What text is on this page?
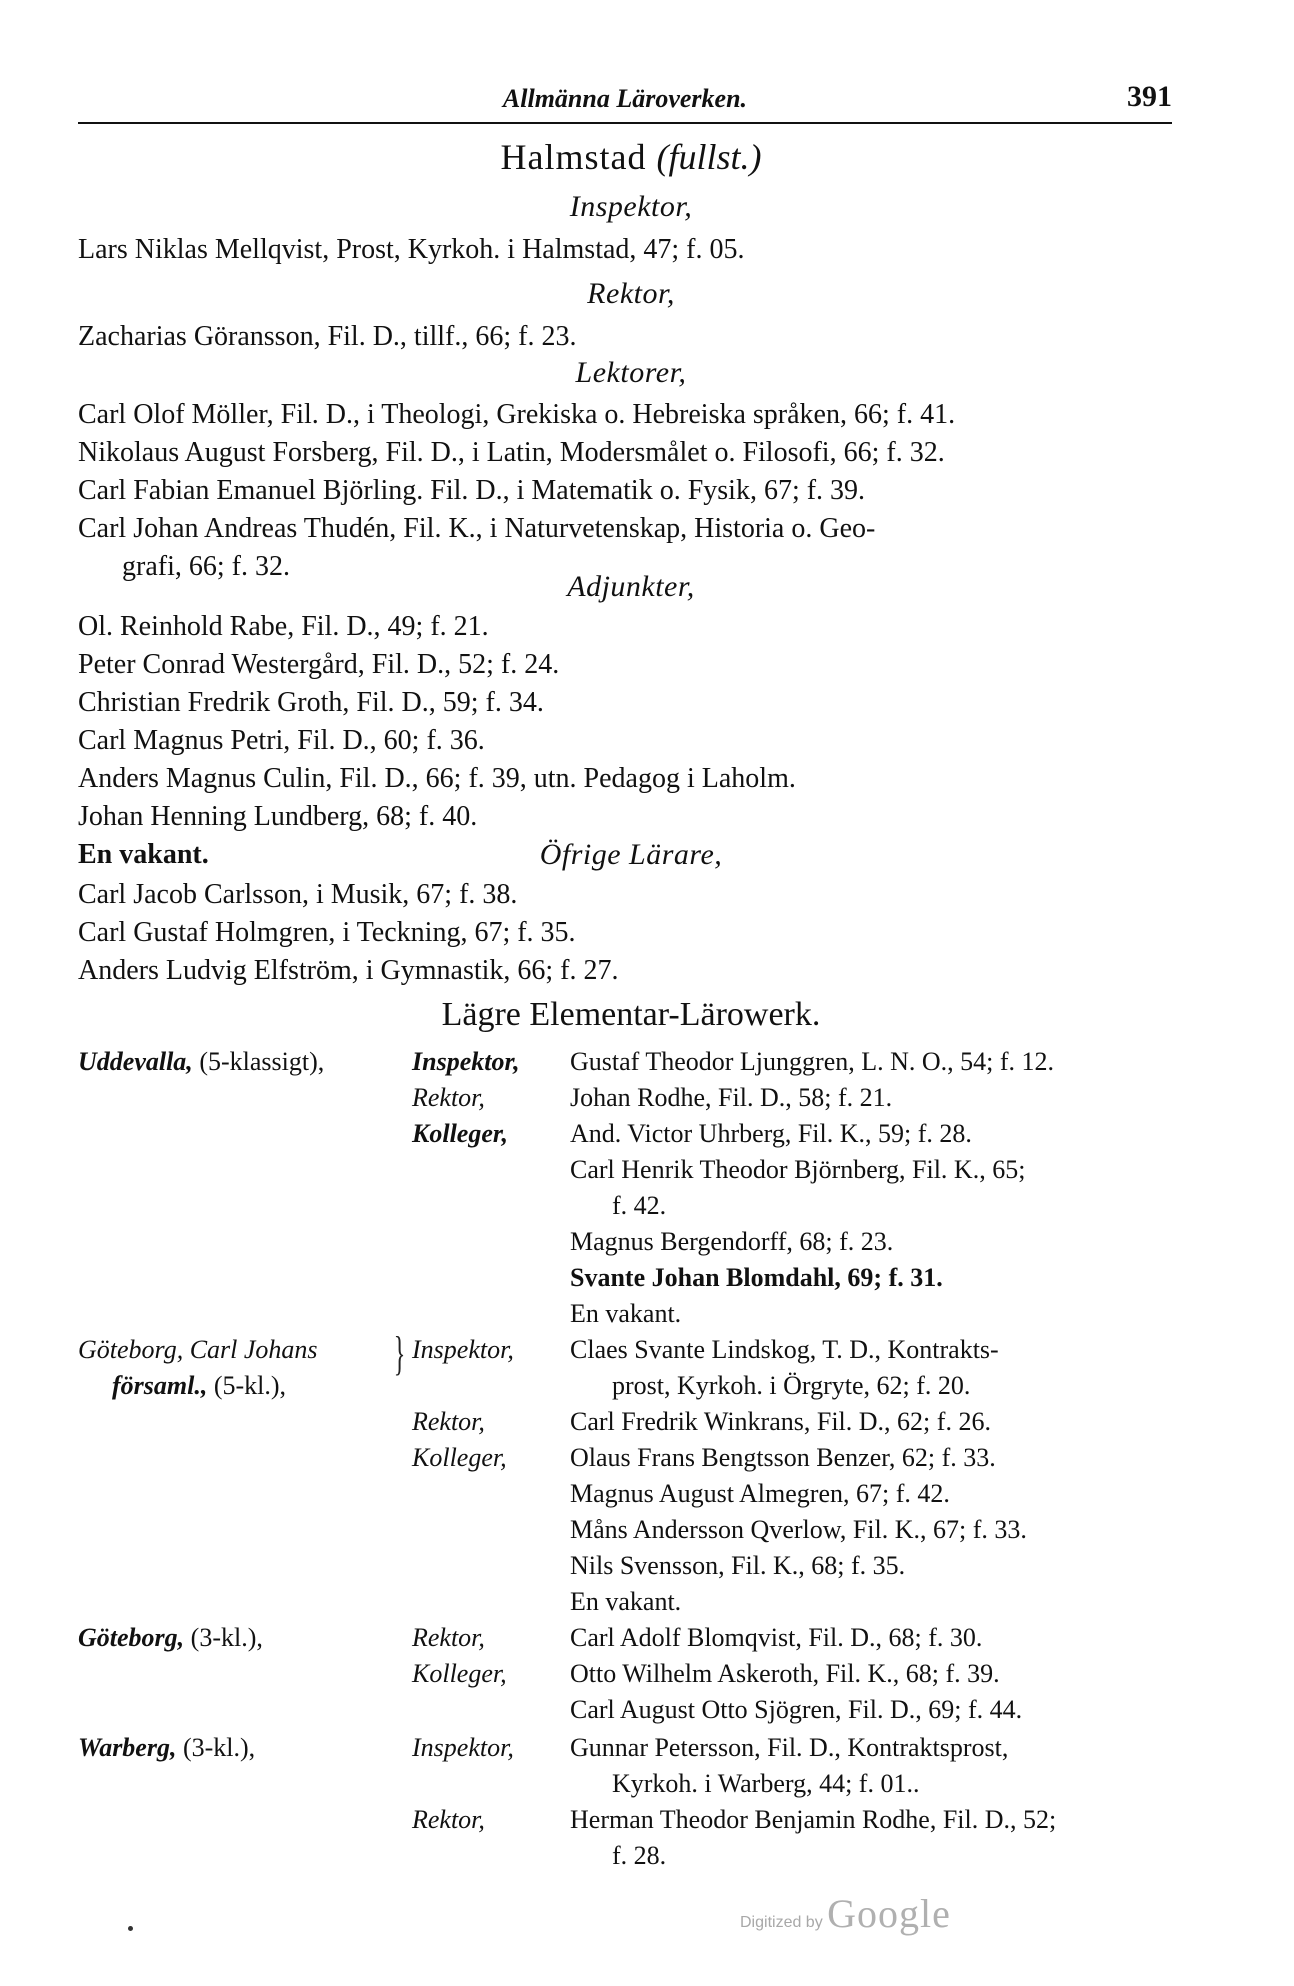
Allmänna Läroverken.	391
Halmstad (fullst.)
Inspektor,
Lars Niklas Mellqvist, Prost, Kyrkoh. i Halmstad, 47; f. 05.
Rektor,
Zacharias Göransson, Fil. D., tillf., 66; f. 23.
Lektorer,
Carl Olof Möller, Fil. D., i Theologi, Grekiska o. Hebreiska språken, 66; f. 41.
Nikolaus August Forsberg, Fil. D., i Latin, Modersmålet o. Filosofi, 66; f. 32.
Carl Fabian Emanuel Björling. Fil. D., i Matematik o. Fysik, 67; f. 39.
Carl Johan Andreas Thudén, Fil. K., i Naturvetenskap, Historia o. Geo-
grafi, 66; f. 32.
Adjunkter,
Ol. Reinhold Rabe, Fil. D., 49; f. 21.
Peter Conrad Westergård, Fil. D., 52; f. 24.
Christian Fredrik Groth, Fil. D., 59; f. 34.
Carl Magnus Petri, Fil. D., 60; f. 36.
Anders Magnus Culin, Fil. D., 66; f. 39, utn. Pedagog i Laholm.
Johan Henning Lundberg, 68; f. 40.
En vakant.	Öfrige Lärare,
Carl Jacob Carlsson, i Musik, 67; f. 38.
Carl Gustaf Holmgren, i Teckning, 67; f. 35.
Anders Ludvig Elfström, i Gymnastik, 66; f. 27.
Lägre Elementar-Lärowerk.
Uddevalla, (5-klassigt),	Inspektor, Gustaf Theodor Ljunggren, L. N. O., 54; f. 12.
Rektor,	Johan Rodhe, Fil. D., 58; f. 21.
Kolleger, And. Victor Uhrberg, Fil. K., 59; f. 28.
Carl Henrik Theodor Björnberg, Fil. K., 65;
f. 42.
Magnus Bergendorff, 68; f. 23.
Svante Johan Blomdahl, 69; f. 31.
En vakant.
Göteborg, Carl Johans
församl., (5-kl.),
} Inspektor, Claes Svante Lindskog, T. D., Kontrakts-
prost, Kyrkoh. i Örgryte, 62; f. 20.
Rektor,	Carl Fredrik Winkrans, Fil. D., 62; f. 26.
Kolleger, Olaus Frans Bengtsson Benzer, 62; f. 33.
Magnus August Almegren, 67; f. 42.
Måns Andersson Qverlow, Fil. K., 67; f. 33.
Nils Svensson, Fil. K., 68; f. 35.
En vakant.
Göteborg, (3-kl.),	Rektor,	Carl Adolf Blomqvist, Fil. D., 68; f. 30.
Kolleger, Otto Wilhelm Askeroth, Fil. K., 68; f. 39.
Carl August Otto Sjögren, Fil. D., 69; f. 44.
Warberg, (3-kl.),	Inspektor, Gunnar Petersson, Fil. D., Kontraktsprost,
Kyrkoh. i Warberg, 44; f. 01..
Rektor,	Herman Theodor Benjamin Rodhe, Fil. D., 52;
f. 28.
Digitized by Google
